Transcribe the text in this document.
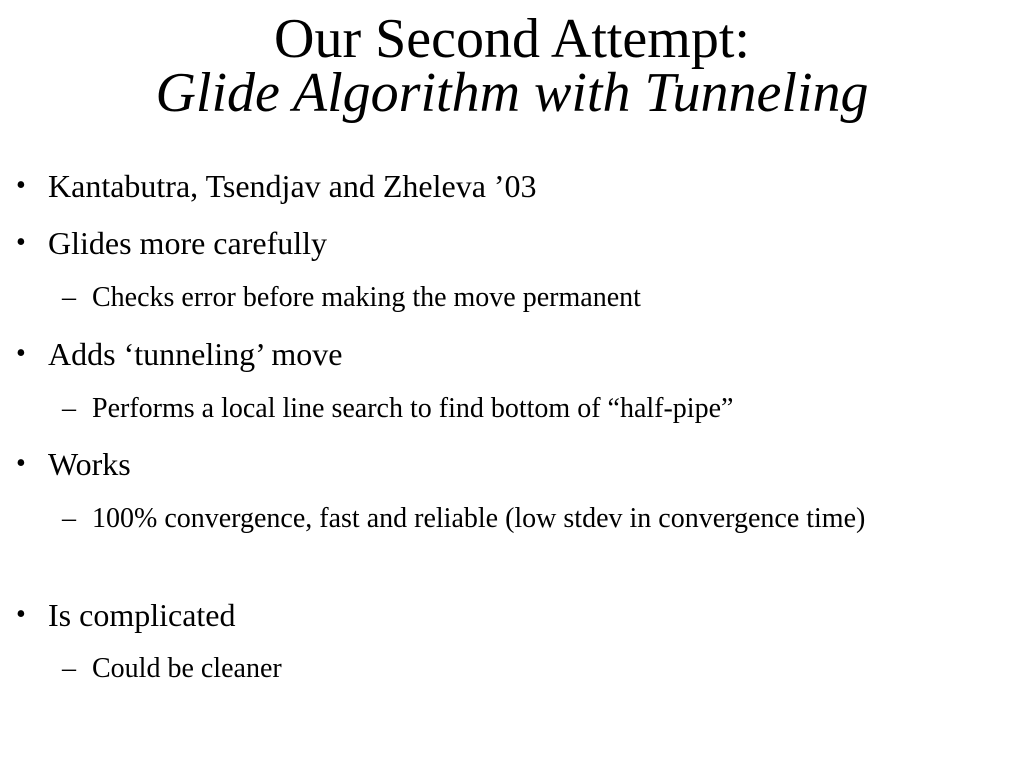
Our Second Attempt:
Glide Algorithm with Tunneling
• Kantabutra, Tsendjav and Zheleva ’03
• Glides more carefully
– Checks error before making the move permanent
• Adds ‘tunneling’ move
– Performs a local line search to find bottom of “half-pipe”
• Works
– 100% convergence, fast and reliable (low stdev in convergence time)
• Is complicated
– Could be cleaner
